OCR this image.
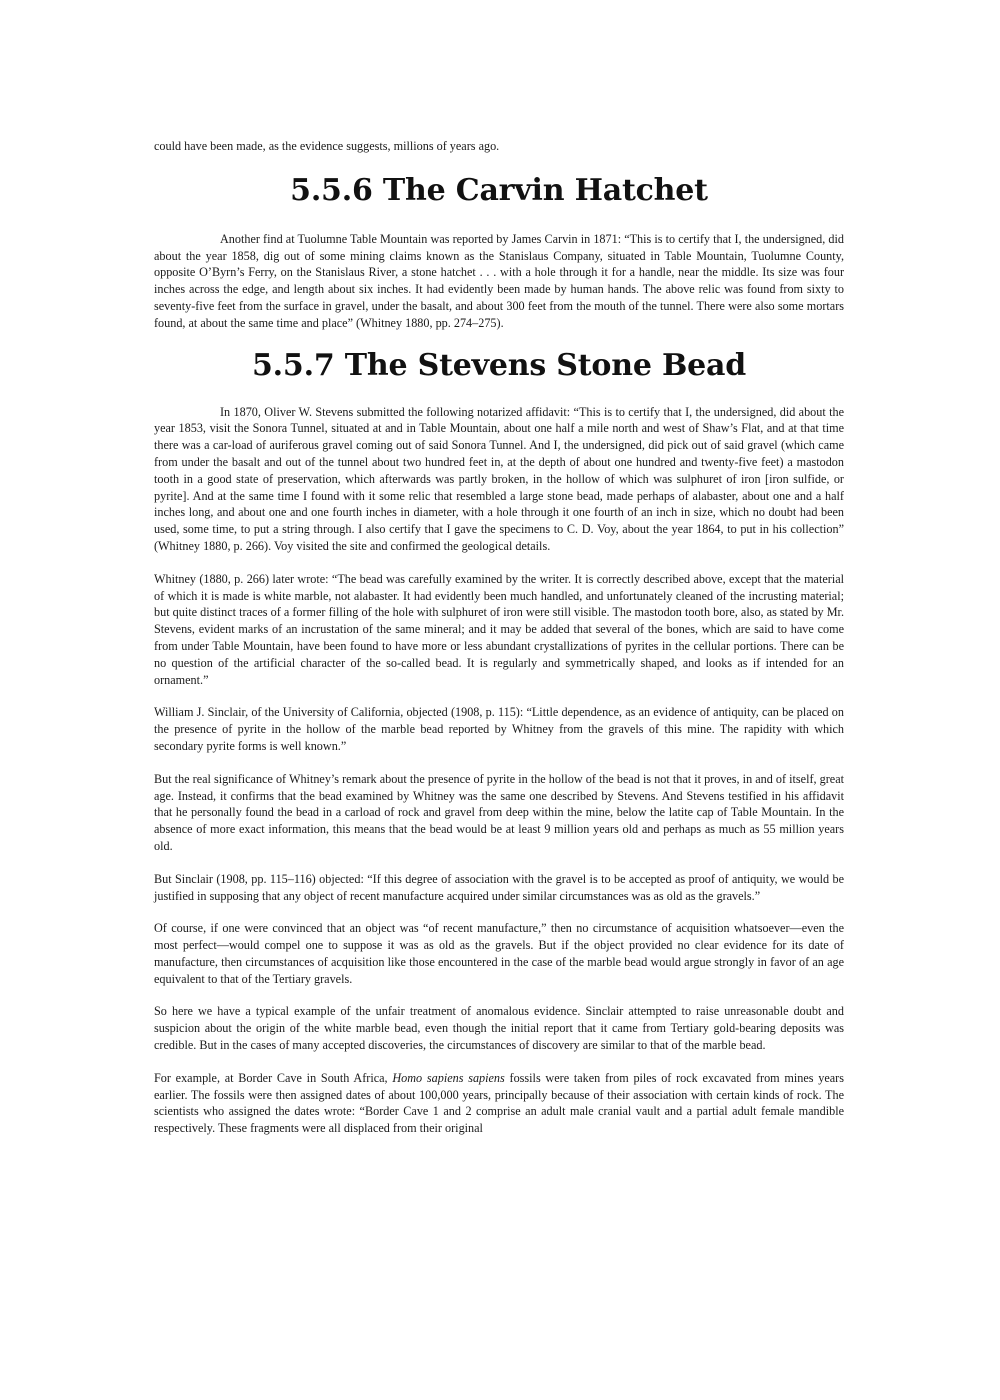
could have been made, as the evidence suggests, millions of years ago.

5.5.6 The Carvin Hatchet

Another find at Tuolumne Table Mountain was reported by James Carvin in 1871: “This is to certify that I, the undersigned, did about the year 1858, dig out of some mining claims known as the Stanislaus Company, situated in Table Mountain, Tuolumne County, opposite O’Byrn’s Ferry, on the Stanislaus River, a stone hatchet . . . with a hole through it for a handle, near the middle. Its size was four inches across the edge, and length about six inches. It had evidently been made by human hands. The above relic was found from sixty to seventy-five feet from the surface in gravel, under the basalt, and about 300 feet from the mouth of the tunnel. There were also some mortars found, at about the same time and place” (Whitney 1880, pp. 274–275).

5.5.7 The Stevens Stone Bead

In 1870, Oliver W. Stevens submitted the following notarized affidavit: “This is to certify that I, the undersigned, did about the year 1853, visit the Sonora Tunnel, situated at and in Table Mountain, about one half a mile north and west of Shaw’s Flat, and at that time there was a car-load of auriferous gravel coming out of said Sonora Tunnel. And I, the undersigned, did pick out of said gravel (which came from under the basalt and out of the tunnel about two hundred feet in, at the depth of about one hundred and twenty-five feet) a mastodon tooth in a good state of preservation, which afterwards was partly broken, in the hollow of which was sulphuret of iron [iron sulfide, or pyrite]. And at the same time I found with it some relic that resembled a large stone bead, made perhaps of alabaster, about one and a half inches long, and about one and one fourth inches in diameter, with a hole through it one fourth of an inch in size, which no doubt had been used, some time, to put a string through. I also certify that I gave the specimens to C. D. Voy, about the year 1864, to put in his collection” (Whitney 1880, p. 266). Voy visited the site and confirmed the geological details.

Whitney (1880, p. 266) later wrote: “The bead was carefully examined by the writer. It is correctly described above, except that the material of which it is made is white marble, not alabaster. It had evidently been much handled, and unfortunately cleaned of the incrusting material; but quite distinct traces of a former filling of the hole with sulphuret of iron were still visible. The mastodon tooth bore, also, as stated by Mr. Stevens, evident marks of an incrustation of the same mineral; and it may be added that several of the bones, which are said to have come from under Table Mountain, have been found to have more or less abundant crystallizations of pyrites in the cellular portions. There can be no question of the artificial character of the so-called bead. It is regularly and symmetrically shaped, and looks as if intended for an ornament.”

William J. Sinclair, of the University of California, objected (1908, p. 115): “Little dependence, as an evidence of antiquity, can be placed on the presence of pyrite in the hollow of the marble bead reported by Whitney from the gravels of this mine. The rapidity with which secondary pyrite forms is well known.”

But the real significance of Whitney’s remark about the presence of pyrite in the hollow of the bead is not that it proves, in and of itself, great age. Instead, it confirms that the bead examined by Whitney was the same one described by Stevens. And Stevens testified in his affidavit that he personally found the bead in a carload of rock and gravel from deep within the mine, below the latite cap of Table Mountain. In the absence of more exact information, this means that the bead would be at least 9 million years old and perhaps as much as 55 million years old.

But Sinclair (1908, pp. 115–116) objected: “If this degree of association with the gravel is to be accepted as proof of antiquity, we would be justified in supposing that any object of recent manufacture acquired under similar circumstances was as old as the gravels.”

Of course, if one were convinced that an object was “of recent manufacture,” then no circumstance of acquisition whatsoever—even the most perfect—would compel one to suppose it was as old as the gravels. But if the object provided no clear evidence for its date of manufacture, then circumstances of acquisition like those encountered in the case of the marble bead would argue strongly in favor of an age equivalent to that of the Tertiary gravels.

So here we have a typical example of the unfair treatment of anomalous evidence. Sinclair attempted to raise unreasonable doubt and suspicion about the origin of the white marble bead, even though the initial report that it came from Tertiary gold-bearing deposits was credible. But in the cases of many accepted discoveries, the circumstances of discovery are similar to that of the marble bead.

For example, at Border Cave in South Africa, Homo sapiens sapiens fossils were taken from piles of rock excavated from mines years earlier. The fossils were then assigned dates of about 100,000 years, principally because of their association with certain kinds of rock. The scientists who assigned the dates wrote: “Border Cave 1 and 2 comprise an adult male cranial vault and a partial adult female mandible respectively. These fragments were all displaced from their original
